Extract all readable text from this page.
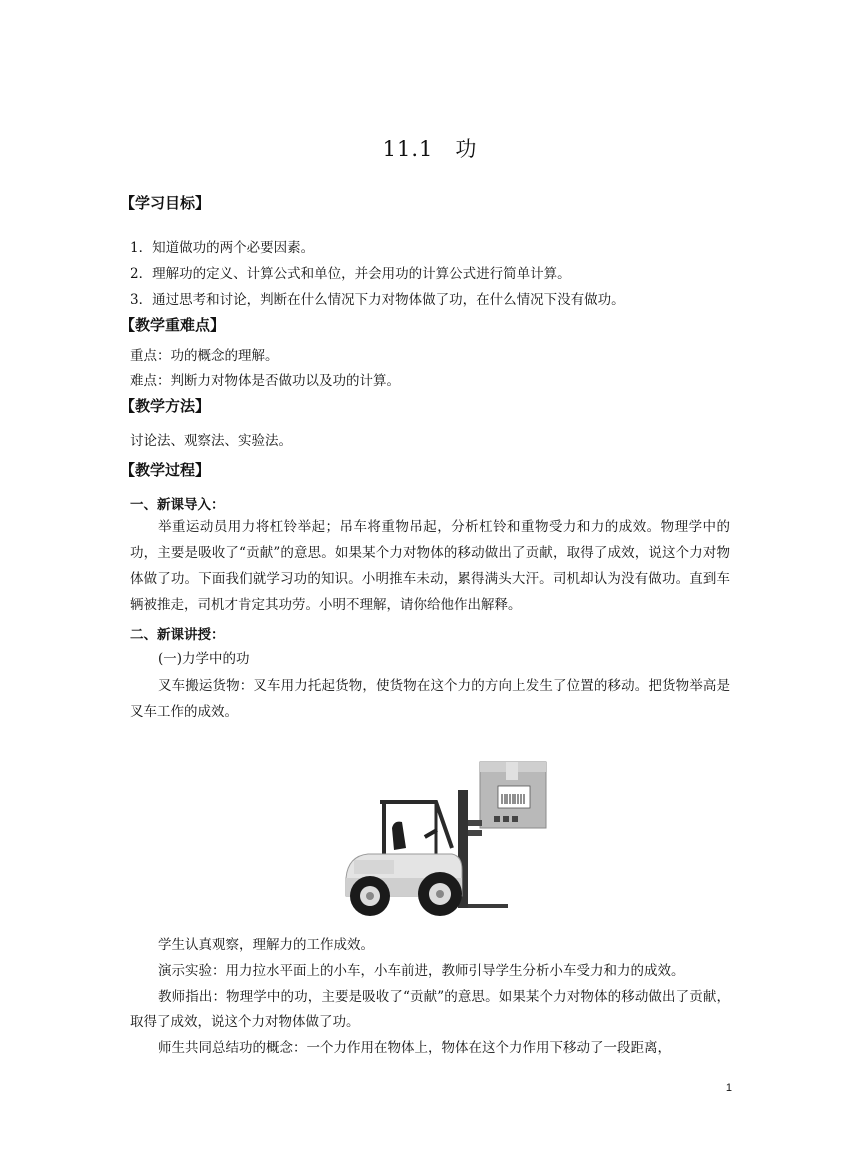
11.1　功
【学习目标】
1．知道做功的两个必要因素。
2．理解功的定义、计算公式和单位，并会用功的计算公式进行简单计算。
3．通过思考和讨论，判断在什么情况下力对物体做了功，在什么情况下没有做功。
【教学重难点】
重点：功的概念的理解。
难点：判断力对物体是否做功以及功的计算。
【教学方法】
讨论法、观察法、实验法。
【教学过程】
一、新课导入：
举重运动员用力将杠铃举起；吊车将重物吊起，分析杠铃和重物受力和力的成效。物理学中的功，主要是吸收了“贡献”的意思。如果某个力对物体的移动做出了贡献，取得了成效，说这个力对物体做了功。下面我们就学习功的知识。小明推车未动，累得满头大汗。司机却认为没有做功。直到车辆被推走，司机才肯定其功劳。小明不理解，请你给他作出解释。
二、新课讲授：
(一)力学中的功
叉车搬运货物：叉车用力托起货物，使货物在这个力的方向上发生了位置的移动。把货物举高是叉车工作的成效。
学生认真观察，理解力的工作成效。
演示实验：用力拉水平面上的小车，小车前进，教师引导学生分析小车受力和力的成效。
教师指出：物理学中的功，主要是吸收了“贡献”的意思。如果某个力对物体的移动做出了贡献，取得了成效，说这个力对物体做了功。
师生共同总结功的概念：一个力作用在物体上，物体在这个力作用下移动了一段距离，
1
